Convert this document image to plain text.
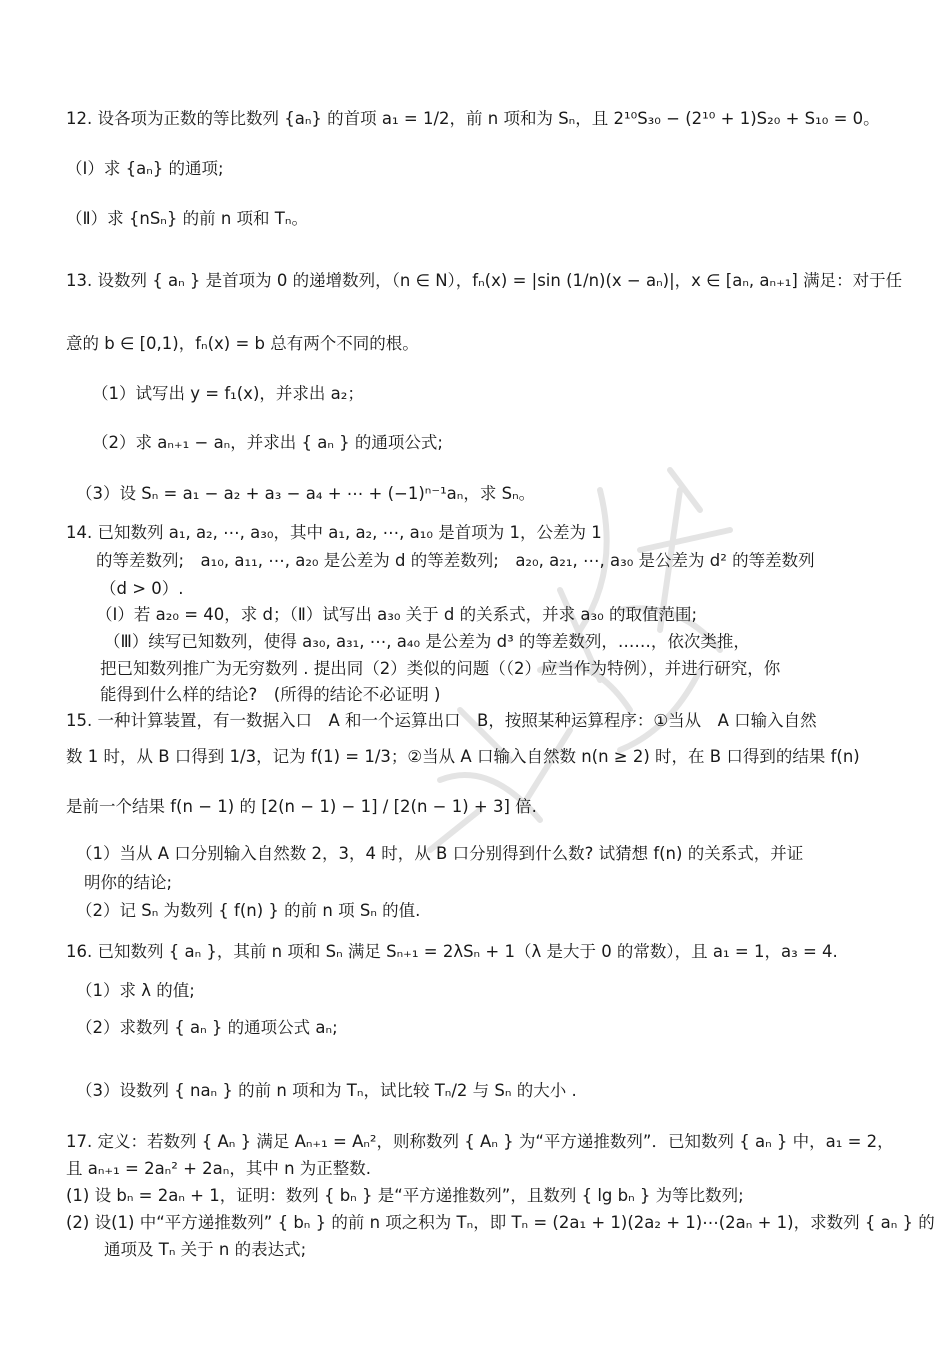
12. 设各项为正数的等比数列 {aₙ} 的首项 a₁ = 1/2，前 n 项和为 Sₙ，且 2¹⁰S₃₀ − (2¹⁰ + 1)S₂₀ + S₁₀ = 0。
（Ⅰ）求 {aₙ} 的通项;
（Ⅱ）求 {nSₙ} 的前 n 项和 Tₙ。
13. 设数列 { aₙ } 是首项为 0 的递增数列，（n ∈ N），fₙ(x) = |sin (1/n)(x − aₙ)|，x ∈ [aₙ, aₙ₊₁] 满足：对于任
意的 b ∈ [0,1)，fₙ(x) = b 总有两个不同的根。
（1）试写出 y = f₁(x)，并求出 a₂；
（2）求 aₙ₊₁ − aₙ，并求出 { aₙ } 的通项公式;
（3）设 Sₙ = a₁ − a₂ + a₃ − a₄ + ⋯ + (−1)ⁿ⁻¹aₙ，求 Sₙ。
14. 已知数列 a₁, a₂, ⋯, a₃₀，其中 a₁, a₂, ⋯, a₁₀ 是首项为 1，公差为 1
的等差数列;　a₁₀, a₁₁, ⋯, a₂₀ 是公差为 d 的等差数列;　a₂₀, a₂₁, ⋯, a₃₀ 是公差为 d² 的等差数列
（d > 0）.
（Ⅰ）若 a₂₀ = 40，求 d；（Ⅱ）试写出 a₃₀ 关于 d 的关系式，并求 a₃₀ 的取值范围;
（Ⅲ）续写已知数列，使得 a₃₀, a₃₁, ⋯, a₄₀ 是公差为 d³ 的等差数列，……，依次类推，
把已知数列推广为无穷数列 . 提出同（2）类似的问题（（2）应当作为特例），并进行研究，你
能得到什么样的结论?　(所得的结论不必证明 )
15. 一种计算装置，有一数据入口　A 和一个运算出口　B，按照某种运算程序：①当从　A 口输入自然
数 1 时，从 B 口得到 1/3，记为 f(1) = 1/3；②当从 A 口输入自然数 n(n ≥ 2) 时，在 B 口得到的结果 f(n)
是前一个结果 f(n − 1) 的 [2(n − 1) − 1] / [2(n − 1) + 3] 倍.
（1）当从 A 口分别输入自然数 2，3，4 时，从 B 口分别得到什么数? 试猜想 f(n) 的关系式，并证
明你的结论;
（2）记 Sₙ 为数列 { f(n) } 的前 n 项 Sₙ 的值.
16. 已知数列 { aₙ }，其前 n 项和 Sₙ 满足 Sₙ₊₁ = 2λSₙ + 1（λ 是大于 0 的常数），且 a₁ = 1，a₃ = 4.
（1）求 λ 的值;
（2）求数列 { aₙ } 的通项公式 aₙ;
（3）设数列 { naₙ } 的前 n 项和为 Tₙ，试比较 Tₙ/2 与 Sₙ 的大小 .
17. 定义：若数列 { Aₙ } 满足 Aₙ₊₁ = Aₙ²，则称数列 { Aₙ } 为“平方递推数列”．已知数列 { aₙ } 中，a₁ = 2，
且 aₙ₊₁ = 2aₙ² + 2aₙ，其中 n 为正整数.
(1) 设 bₙ = 2aₙ + 1，证明：数列 { bₙ } 是“平方递推数列”，且数列 { lg bₙ } 为等比数列;
(2) 设(1) 中“平方递推数列” { bₙ } 的前 n 项之积为 Tₙ，即 Tₙ = (2a₁ + 1)(2a₂ + 1)⋯(2aₙ + 1)，求数列 { aₙ } 的
通项及 Tₙ 关于 n 的表达式;
